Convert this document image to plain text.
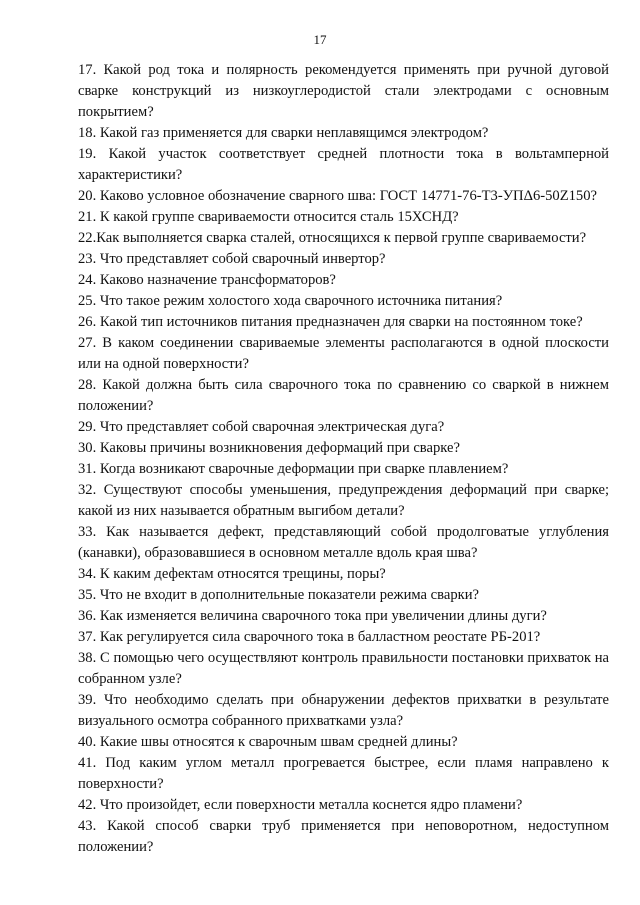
17
17. Какой род тока и полярность рекомендуется применять при ручной дуговой сварке конструкций из низкоуглеродистой стали электродами с основным покрытием?
18. Какой газ применяется для сварки неплавящимся электродом?
19. Какой участок соответствует средней плотности тока в вольтамперной характеристики?
20. Каково условное обозначение сварного шва: ГОСТ 14771-76-Т3-УПΔ6-50Z150?
21. К какой группе свариваемости относится сталь 15ХСНД?
22.Как выполняется сварка сталей, относящихся к первой группе свариваемости?
23. Что представляет собой сварочный инвертор?
24. Каково назначение трансформаторов?
25. Что такое режим холостого хода сварочного источника питания?
26. Какой тип источников питания предназначен для сварки на постоянном токе?
27. В каком соединении свариваемые элементы располагаются в одной плоскости или на одной поверхности?
28. Какой должна быть сила сварочного тока по сравнению со сваркой в нижнем положении?
29. Что представляет собой сварочная электрическая дуга?
30. Каковы причины возникновения деформаций при сварке?
31. Когда возникают сварочные деформации при сварке плавлением?
32. Существуют способы уменьшения, предупреждения деформаций при сварке; какой из них называется обратным выгибом детали?
33. Как называется дефект, представляющий собой продолговатые углубления (канавки), образовавшиеся в основном металле вдоль края шва?
34. К каким дефектам относятся трещины, поры?
35. Что не входит в дополнительные показатели режима сварки?
36. Как изменяется величина сварочного тока при увеличении длины дуги?
37. Как регулируется сила сварочного тока в балластном реостате РБ-201?
38. С помощью чего осуществляют контроль правильности постановки прихваток на собранном узле?
39. Что необходимо сделать при обнаружении дефектов прихватки в результате визуального осмотра собранного прихватками узла?
40. Какие швы относятся к сварочным швам средней длины?
41. Под каким углом металл прогревается быстрее, если пламя направлено к поверхности?
42. Что произойдет, если поверхности металла коснется ядро пламени?
43. Какой способ сварки труб применяется при неповоротном, недоступном положении?
